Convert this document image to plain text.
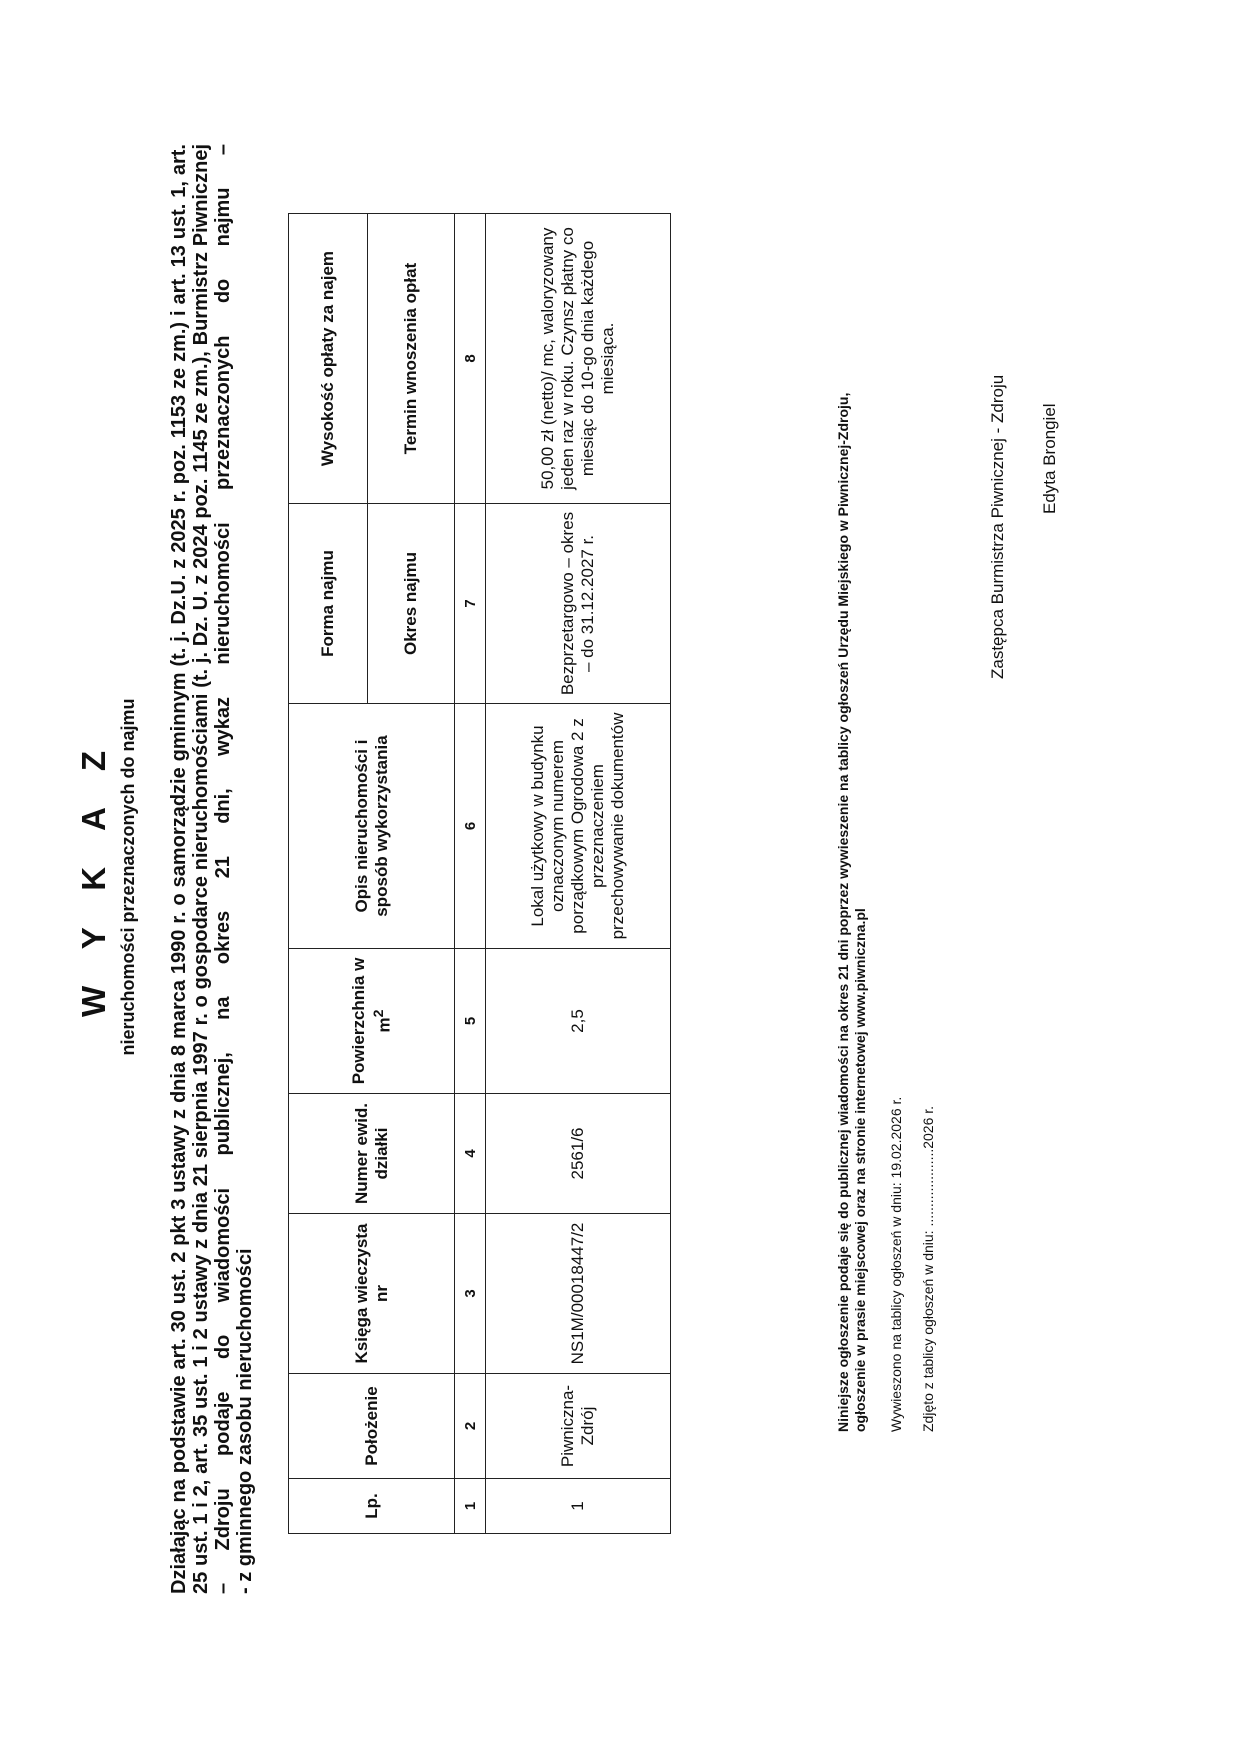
W Y K A Z nieruchomości przeznaczonych do najmu Działając na podstawie art. 30 ust. 2 pkt 3 ustawy z dnia 8 marca 1990 r. o samorządzie gminnym (t. j. Dz.U. z 2025 r. poz. 1153 ze zm.) i art. 13 ust. 1, art. 25 ust. 1 i 2, art. 35 ust. 1 i 2 ustawy z dnia 21 sierpnia 1997 r. o gospodarce nieruchomościami (t. j. Dz. U. z 2024 poz. 1145 ze zm.), Burmistrz Piwnicznej – Zdroju podaje do wiadomości publicznej, na okres 21 dni, wykaz nieruchomości przeznaczonych do najmu – - z gminnego zasobu nieruchomości	Lp.	Położenie	Księga wieczysta nr	Numer ewid. działki	Powierzchnia w $m^2$	Opis nieruchomości i sposób wykorzystania	Forma najmu	Wysokość opłaty za najem
						Okres najmu	Termin wnoszenia opłat
1	2	3	4	5	6	7	8
1	Piwniczna-Zdrój	NS1M/00018447/2	2561/6	2,5	Lokal użytkowy w budynku oznaczonym numerem porządkowym Ogrodowa 2 z przeznaczeniem przechowywanie dokumentów	Bezprzetargowo – okres – do 31.12.2027 r.	50,00 zł (netto)/ mc, waloryzowany jeden raz w roku. Czynsz płatny co miesiąc do 10-go dnia każdego miesiąca.
Niniejsze ogłoszenie podaje się do publicznej wiadomości na okres 21 dni poprzez wywieszenie na tablicy ogłoszeń Urzędu Miejskiego w Piwnicznej-Zdroju, ogłoszenie w prasie miejscowej oraz na stronie internetowej www.piwniczna.pl Wywieszono na tablicy ogłoszeń w dniu: 19.02.2026 r. Zdjęto z tablicy ogłoszeń w dniu: ....................2026 r.
Zastępca Burmistrza Piwnicznej - Zdroju Edyta Brongiel
